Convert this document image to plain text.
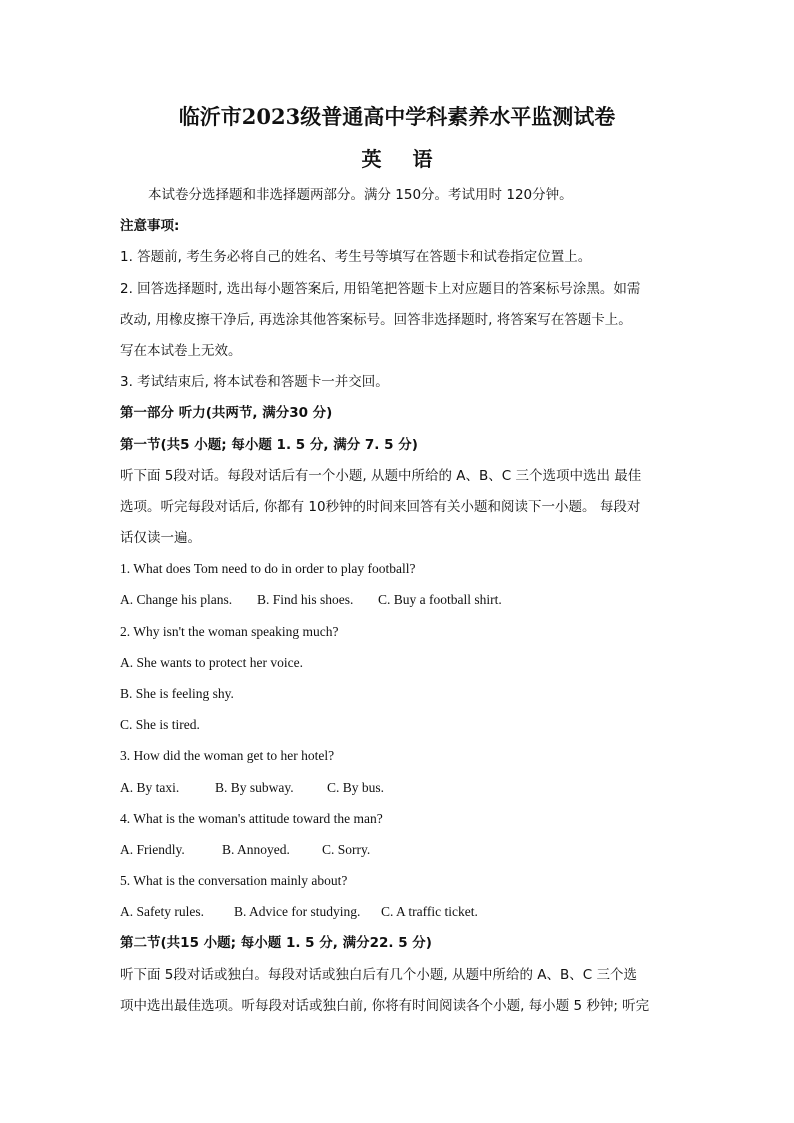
临沂市2023级普通高中学科素养水平监测试卷
英 语
本试卷分选择题和非选择题两部分。满分 150分。考试用时 120分钟。
注意事项:
1. 答题前, 考生务必将自己的姓名、考生号等填写在答题卡和试卷指定位置上。
2. 回答选择题时, 选出每小题答案后, 用铅笔把答题卡上对应题目的答案标号涂黑。如需
改动, 用橡皮擦干净后, 再选涂其他答案标号。回答非选择题时, 将答案写在答题卡上。
写在本试卷上无效。
3. 考试结束后, 将本试卷和答题卡一并交回。
第一部分 听力(共两节, 满分30 分)
第一节(共5 小题; 每小题 1. 5 分, 满分 7. 5 分)
听下面 5段对话。每段对话后有一个小题, 从题中所给的 A、B、C 三个选项中选出 最佳
选项。听完每段对话后, 你都有 10秒钟的时间来回答有关小题和阅读下一小题。 每段对
话仅读一遍。
1. What does Tom need to do in order to play football?
A. Change his plans. B. Find his shoes. C. Buy a football shirt.
2. Why isn't the woman speaking much?
A. She wants to protect her voice.
B. She is feeling shy.
C. She is tired.
3. How did the woman get to her hotel?
A. By taxi.	B. By subway. C. By bus.
4. What is the woman's attitude toward the man?
A. Friendly.	B. Annoyed. C. Sorry.
5. What is the conversation mainly about?
A. Safety rules. B. Advice for studying. C. A traffic ticket.
第二节(共15 小题; 每小题 1. 5 分, 满分22. 5 分)
听下面 5段对话或独白。每段对话或独白后有几个小题, 从题中所给的 A、B、C 三个选
项中选出最佳选项。听每段对话或独白前, 你将有时间阅读各个小题, 每小题 5 秒钟; 听完
